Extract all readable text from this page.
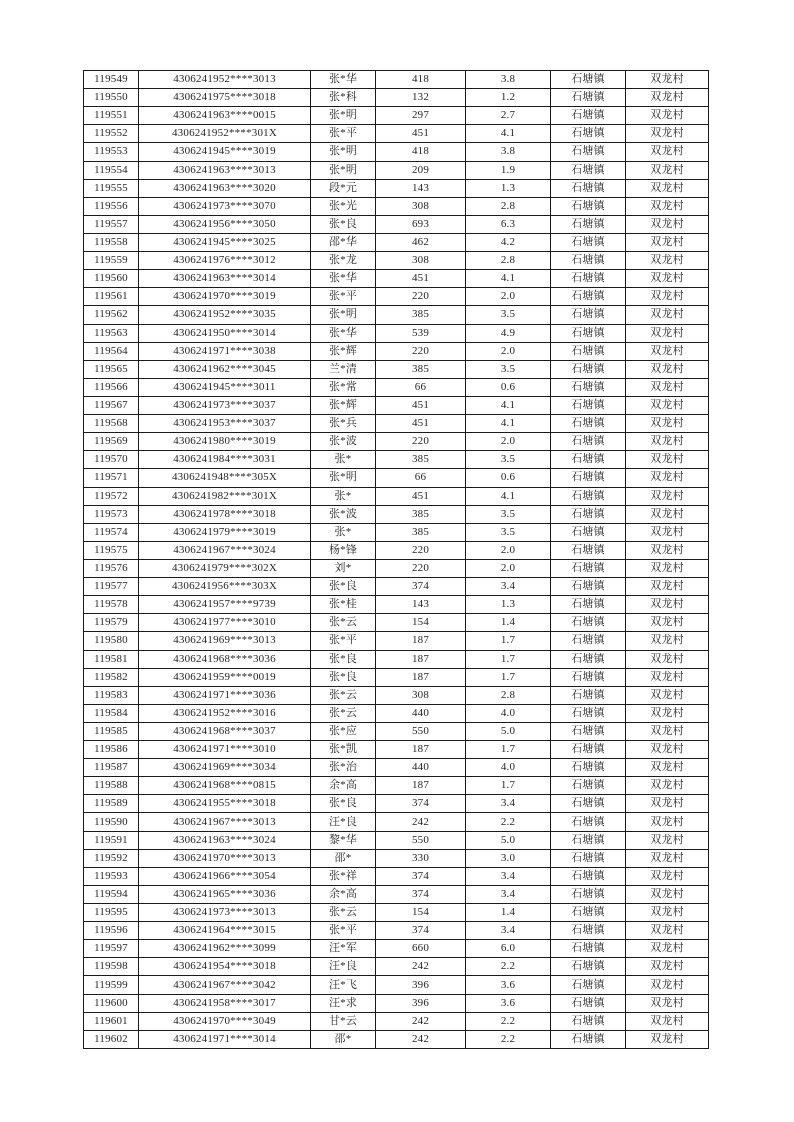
119549	4306241952****3013	张*华	418	3.8	石塘镇	双龙村
119550	4306241975****3018	张*科	132	1.2	石塘镇	双龙村
119551	4306241963****0015	张*明	297	2.7	石塘镇	双龙村
119552	4306241952****301X	张*平	451	4.1	石塘镇	双龙村
119553	4306241945****3019	张*明	418	3.8	石塘镇	双龙村
119554	4306241963****3013	张*明	209	1.9	石塘镇	双龙村
119555	4306241963****3020	段*元	143	1.3	石塘镇	双龙村
119556	4306241973****3070	张*光	308	2.8	石塘镇	双龙村
119557	4306241956****3050	张*良	693	6.3	石塘镇	双龙村
119558	4306241945****3025	邵*华	462	4.2	石塘镇	双龙村
119559	4306241976****3012	张*龙	308	2.8	石塘镇	双龙村
119560	4306241963****3014	张*华	451	4.1	石塘镇	双龙村
119561	4306241970****3019	张*平	220	2.0	石塘镇	双龙村
119562	4306241952****3035	张*明	385	3.5	石塘镇	双龙村
119563	4306241950****3014	张*华	539	4.9	石塘镇	双龙村
119564	4306241971****3038	张*辉	220	2.0	石塘镇	双龙村
119565	4306241962****3045	兰*清	385	3.5	石塘镇	双龙村
119566	4306241945****3011	张*常	66	0.6	石塘镇	双龙村
119567	4306241973****3037	张*辉	451	4.1	石塘镇	双龙村
119568	4306241953****3037	张*兵	451	4.1	石塘镇	双龙村
119569	4306241980****3019	张*波	220	2.0	石塘镇	双龙村
119570	4306241984****3031	张*	385	3.5	石塘镇	双龙村
119571	4306241948****305X	张*明	66	0.6	石塘镇	双龙村
119572	4306241982****301X	张*	451	4.1	石塘镇	双龙村
119573	4306241978****3018	张*波	385	3.5	石塘镇	双龙村
119574	4306241979****3019	张*	385	3.5	石塘镇	双龙村
119575	4306241967****3024	杨*锋	220	2.0	石塘镇	双龙村
119576	4306241979****302X	刘*	220	2.0	石塘镇	双龙村
119577	4306241956****303X	张*良	374	3.4	石塘镇	双龙村
119578	4306241957****9739	张*桂	143	1.3	石塘镇	双龙村
119579	4306241977****3010	张*云	154	1.4	石塘镇	双龙村
119580	4306241969****3013	张*平	187	1.7	石塘镇	双龙村
119581	4306241968****3036	张*良	187	1.7	石塘镇	双龙村
119582	4306241959****0019	张*良	187	1.7	石塘镇	双龙村
119583	4306241971****3036	张*云	308	2.8	石塘镇	双龙村
119584	4306241952****3016	张*云	440	4.0	石塘镇	双龙村
119585	4306241968****3037	张*应	550	5.0	石塘镇	双龙村
119586	4306241971****3010	张*凯	187	1.7	石塘镇	双龙村
119587	4306241969****3034	张*治	440	4.0	石塘镇	双龙村
119588	4306241968****0815	余*高	187	1.7	石塘镇	双龙村
119589	4306241955****3018	张*良	374	3.4	石塘镇	双龙村
119590	4306241967****3013	汪*良	242	2.2	石塘镇	双龙村
119591	4306241963****3024	黎*华	550	5.0	石塘镇	双龙村
119592	4306241970****3013	邵*	330	3.0	石塘镇	双龙村
119593	4306241966****3054	张*祥	374	3.4	石塘镇	双龙村
119594	4306241965****3036	余*高	374	3.4	石塘镇	双龙村
119595	4306241973****3013	张*云	154	1.4	石塘镇	双龙村
119596	4306241964****3015	张*平	374	3.4	石塘镇	双龙村
119597	4306241962****3099	汪*军	660	6.0	石塘镇	双龙村
119598	4306241954****3018	汪*良	242	2.2	石塘镇	双龙村
119599	4306241967****3042	汪*飞	396	3.6	石塘镇	双龙村
119600	4306241958****3017	汪*求	396	3.6	石塘镇	双龙村
119601	4306241970****3049	甘*云	242	2.2	石塘镇	双龙村
119602	4306241971****3014	邵*	242	2.2	石塘镇	双龙村
